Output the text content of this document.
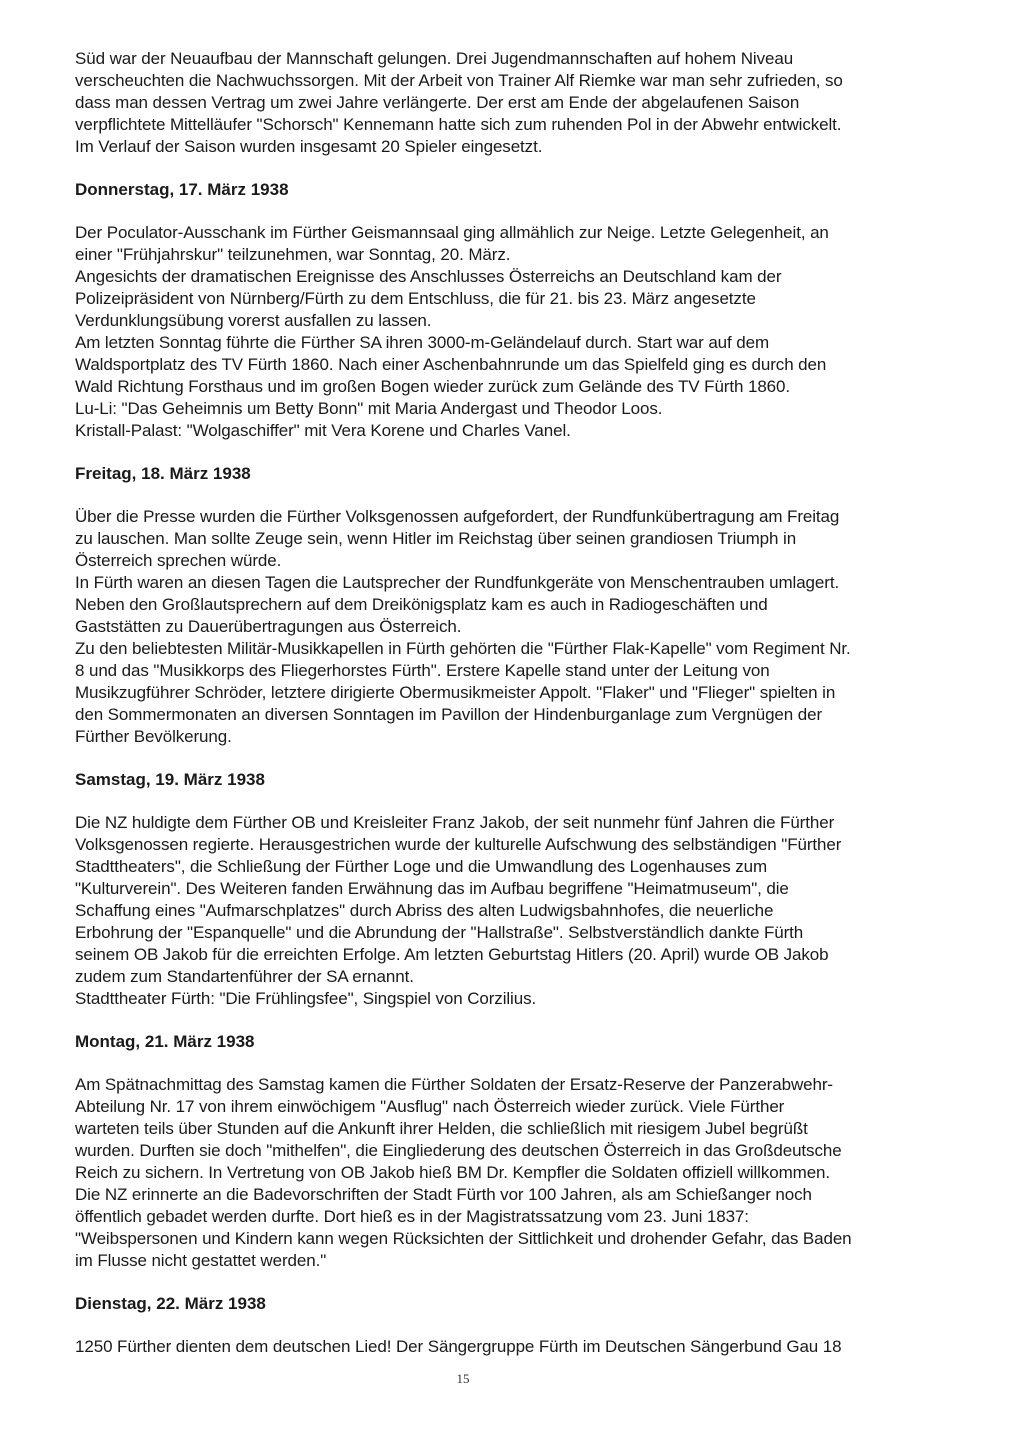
Süd war der Neuaufbau der Mannschaft gelungen. Drei Jugendmannschaften auf hohem Niveau
verscheuchten die Nachwuchssorgen. Mit der Arbeit von Trainer Alf Riemke war man sehr zufrieden, so
dass man dessen Vertrag um zwei Jahre verlängerte. Der erst am Ende der abgelaufenen Saison
verpflichtete Mittelläufer "Schorsch" Kennemann hatte sich zum ruhenden Pol in der Abwehr entwickelt.
Im Verlauf der Saison wurden insgesamt 20 Spieler eingesetzt.

Donnerstag, 17. März 1938

Der Poculator-Ausschank im Fürther Geismannsaal ging allmählich zur Neige. Letzte Gelegenheit, an
einer "Frühjahrskur" teilzunehmen, war Sonntag, 20. März.
Angesichts der dramatischen Ereignisse des Anschlusses Österreichs an Deutschland kam der
Polizeipräsident von Nürnberg/Fürth zu dem Entschluss, die für 21. bis 23. März angesetzte
Verdunklungsübung vorerst ausfallen zu lassen.
Am letzten Sonntag führte die Fürther SA ihren 3000-m-Geländelauf durch. Start war auf dem
Waldsportplatz des TV Fürth 1860. Nach einer Aschenbahnrunde um das Spielfeld ging es durch den
Wald Richtung Forsthaus und im großen Bogen wieder zurück zum Gelände des TV Fürth 1860.
Lu-Li: "Das Geheimnis um Betty Bonn" mit Maria Andergast und Theodor Loos.
Kristall-Palast: "Wolgaschiffer" mit Vera Korene und Charles Vanel.

Freitag, 18. März 1938

Über die Presse wurden die Fürther Volksgenossen aufgefordert, der Rundfunkübertragung am Freitag
zu lauschen. Man sollte Zeuge sein, wenn Hitler im Reichstag über seinen grandiosen Triumph in
Österreich sprechen würde.
In Fürth waren an diesen Tagen die Lautsprecher der Rundfunkgeräte von Menschentrauben umlagert.
Neben den Großlautsprechern auf dem Dreikönigsplatz kam es auch in Radiogeschäften und
Gaststätten zu Dauerübertragungen aus Österreich.
Zu den beliebtesten Militär-Musikkapellen in Fürth gehörten die "Fürther Flak-Kapelle" vom Regiment Nr.
8 und das "Musikkorps des Fliegerhorstes Fürth". Erstere Kapelle stand unter der Leitung von
Musikzugführer Schröder, letztere dirigierte Obermusikmeister Appolt. "Flaker" und "Flieger" spielten in
den Sommermonaten an diversen Sonntagen im Pavillon der Hindenburganlage zum Vergnügen der
Fürther Bevölkerung.

Samstag, 19. März 1938

Die NZ huldigte dem Fürther OB und Kreisleiter Franz Jakob, der seit nunmehr fünf Jahren die Fürther
Volksgenossen regierte. Herausgestrichen wurde der kulturelle Aufschwung des selbständigen "Fürther
Stadttheaters", die Schließung der Fürther Loge und die Umwandlung des Logenhauses zum
"Kulturverein". Des Weiteren fanden Erwähnung das im Aufbau begriffene "Heimatmuseum", die
Schaffung eines "Aufmarschplatzes" durch Abriss des alten Ludwigsbahnhofes, die neuerliche
Erbohrung der "Espanquelle" und die Abrundung der "Hallstraße". Selbstverständlich dankte Fürth
seinem OB Jakob für die erreichten Erfolge. Am letzten Geburtstag Hitlers (20. April) wurde OB Jakob
zudem zum Standartenführer der SA ernannt.
Stadttheater Fürth: "Die Frühlingsfee", Singspiel von Corzilius.

Montag, 21. März 1938

Am Spätnachmittag des Samstag kamen die Fürther Soldaten der Ersatz-Reserve der Panzerabwehr-
Abteilung Nr. 17 von ihrem einwöchigem "Ausflug" nach Österreich wieder zurück. Viele Fürther
warteten teils über Stunden auf die Ankunft ihrer Helden, die schließlich mit riesigem Jubel begrüßt
wurden. Durften sie doch "mithelfen", die Eingliederung des deutschen Österreich in das Großdeutsche
Reich zu sichern. In Vertretung von OB Jakob hieß BM Dr. Kempfler die Soldaten offiziell willkommen.
Die NZ erinnerte an die Badevorschriften der Stadt Fürth vor 100 Jahren, als am Schießanger noch
öffentlich gebadet werden durfte. Dort hieß es in der Magistratssatzung vom 23. Juni 1837:
"Weibspersonen und Kindern kann wegen Rücksichten der Sittlichkeit und drohender Gefahr, das Baden
im Flusse nicht gestattet werden."

Dienstag, 22. März 1938

1250 Fürther dienten dem deutschen Lied! Der Sängergruppe Fürth im Deutschen Sängerbund Gau 18

15
